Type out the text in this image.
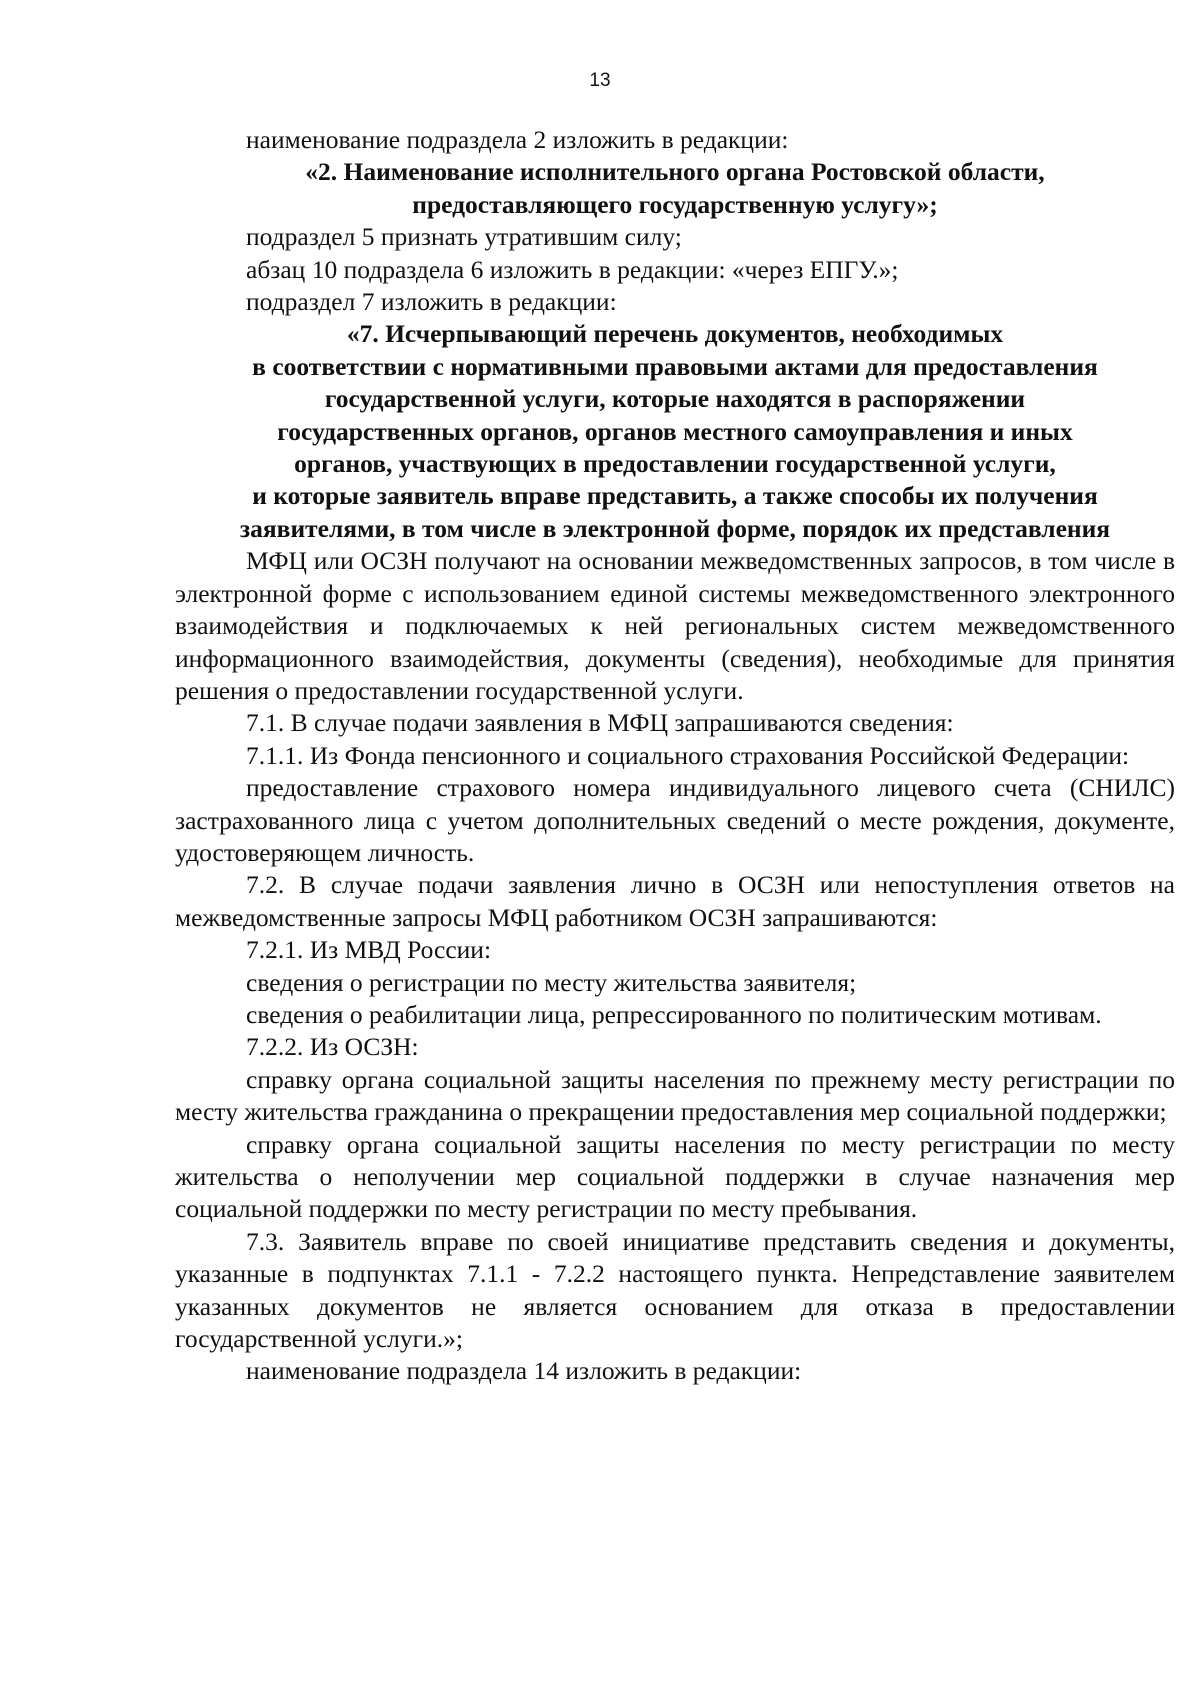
13

наименование подраздела 2 изложить в редакции:

«2. Наименование исполнительного органа Ростовской области,
предоставляющего государственную услугу»;

подраздел 5 признать утратившим силу;

абзац 10 подраздела 6 изложить в редакции: «через ЕПГУ.»;

подраздел 7 изложить в редакции:

«7. Исчерпывающий перечень документов, необходимых
в соответствии с нормативными правовыми актами для предоставления
государственной услуги, которые находятся в распоряжении
государственных органов, органов местного самоуправления и иных
органов, участвующих в предоставлении государственной услуги,
и которые заявитель вправе представить, а также способы их получения
заявителями, в том числе в электронной форме, порядок их представления

МФЦ или ОСЗН получают на основании межведомственных запросов, в том числе в электронной форме с использованием единой системы межведомственного электронного взаимодействия и подключаемых к ней региональных систем межведомственного информационного взаимодействия, документы (сведения), необходимые для принятия решения о предоставлении государственной услуги.

7.1. В случае подачи заявления в МФЦ запрашиваются сведения:

7.1.1. Из Фонда пенсионного и социального страхования Российской Федерации:

предоставление страхового номера индивидуального лицевого счета (СНИЛС) застрахованного лица с учетом дополнительных сведений о месте рождения, документе, удостоверяющем личность.

7.2. В случае подачи заявления лично в ОСЗН или непоступления ответов на межведомственные запросы МФЦ работником ОСЗН запрашиваются:

7.2.1. Из МВД России:

сведения о регистрации по месту жительства заявителя;

сведения о реабилитации лица, репрессированного по политическим мотивам.

7.2.2. Из ОСЗН:

справку органа социальной защиты населения по прежнему месту регистрации по месту жительства гражданина о прекращении предоставления мер социальной поддержки;

справку органа социальной защиты населения по месту регистрации по месту жительства о неполучении мер социальной поддержки в случае назначения мер социальной поддержки по месту регистрации по месту пребывания.

7.3. Заявитель вправе по своей инициативе представить сведения и документы, указанные в подпунктах 7.1.1 - 7.2.2 настоящего пункта. Непредставление заявителем указанных документов не является основанием для отказа в предоставлении государственной услуги.»;

наименование подраздела 14 изложить в редакции:
